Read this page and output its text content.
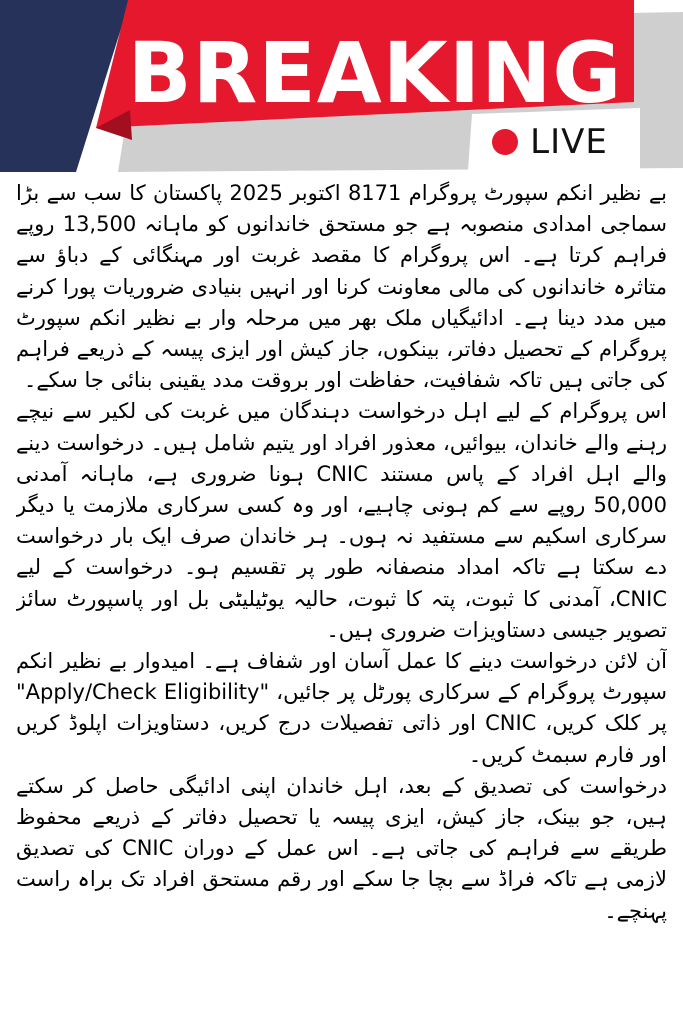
BREAKING
LIVE

بے نظیر انکم سپورٹ پروگرام 8171 اکتوبر 2025 پاکستان کا سب سے بڑا سماجی امدادی منصوبہ ہے جو مستحق خاندانوں کو ماہانہ 13,500 روپے فراہم کرتا ہے۔ اس پروگرام کا مقصد غربت اور مہنگائی کے دباؤ سے متاثرہ خاندانوں کی مالی معاونت کرنا اور انہیں بنیادی ضروریات پورا کرنے میں مدد دینا ہے۔ ادائیگیاں ملک بھر میں مرحلہ وار بے نظیر انکم سپورٹ پروگرام کے تحصیل دفاتر، بینکوں، جاز کیش اور ایزی پیسہ کے ذریعے فراہم کی جاتی ہیں تاکہ شفافیت، حفاظت اور بروقت مدد یقینی بنائی جا سکے۔

اس پروگرام کے لیے اہل درخواست دہندگان میں غربت کی لکیر سے نیچے رہنے والے خاندان، بیوائیں، معذور افراد اور یتیم شامل ہیں۔ درخواست دینے والے اہل افراد کے پاس مستند CNIC ہونا ضروری ہے، ماہانہ آمدنی 50,000 روپے سے کم ہونی چاہیے، اور وہ کسی سرکاری ملازمت یا دیگر سرکاری اسکیم سے مستفید نہ ہوں۔ ہر خاندان صرف ایک بار درخواست دے سکتا ہے تاکہ امداد منصفانہ طور پر تقسیم ہو۔ درخواست کے لیے CNIC، آمدنی کا ثبوت، پتہ کا ثبوت، حالیہ یوٹیلیٹی بل اور پاسپورٹ سائز تصویر جیسی دستاویزات ضروری ہیں۔

آن لائن درخواست دینے کا عمل آسان اور شفاف ہے۔ امیدوار بے نظیر انکم سپورٹ پروگرام کے سرکاری پورٹل پر جائیں، "Apply/Check Eligibility" پر کلک کریں، CNIC اور ذاتی تفصیلات درج کریں، دستاویزات اپلوڈ کریں اور فارم سبمٹ کریں۔

درخواست کی تصدیق کے بعد، اہل خاندان اپنی ادائیگی حاصل کر سکتے ہیں، جو بینک، جاز کیش، ایزی پیسہ یا تحصیل دفاتر کے ذریعے محفوظ طریقے سے فراہم کی جاتی ہے۔ اس عمل کے دوران CNIC کی تصدیق لازمی ہے تاکہ فراڈ سے بچا جا سکے اور رقم مستحق افراد تک براہ راست پہنچے۔
